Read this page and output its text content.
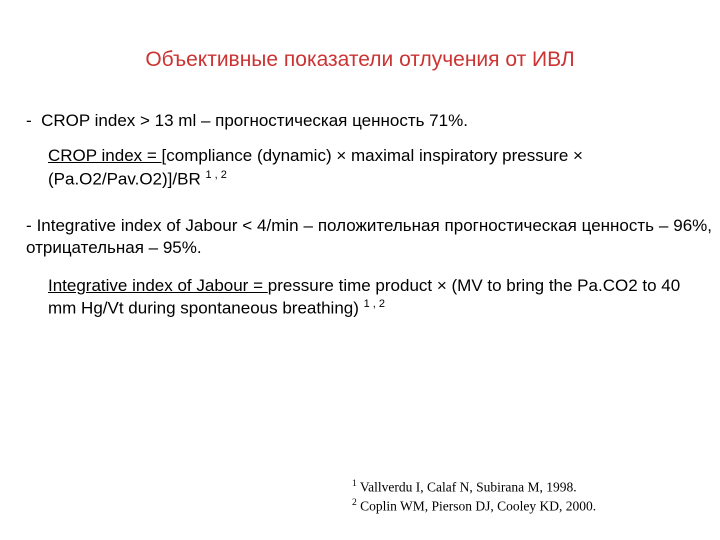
Объективные показатели отлучения от ИВЛ
- CROP index > 13 ml – прогностическая ценность 71%.
CROP index = [compliance (dynamic) × maximal inspiratory pressure × (Pa.O2/Pav.O2)]/BR $^{1 , 2}$
- Integrative index of Jabour < 4/min – положительная прогностическая ценность – 96%, отрицательная – 95%.
Integrative index of Jabour = pressure time product × (MV to bring the Pa.CO2 to 40 mm Hg/Vt during spontaneous breathing) $^{1 , 2}$
$^1$ Vallverdu I, Calaf N, Subirana M, 1998.
$^2$ Coplin WM, Pierson DJ, Cooley KD, 2000.
